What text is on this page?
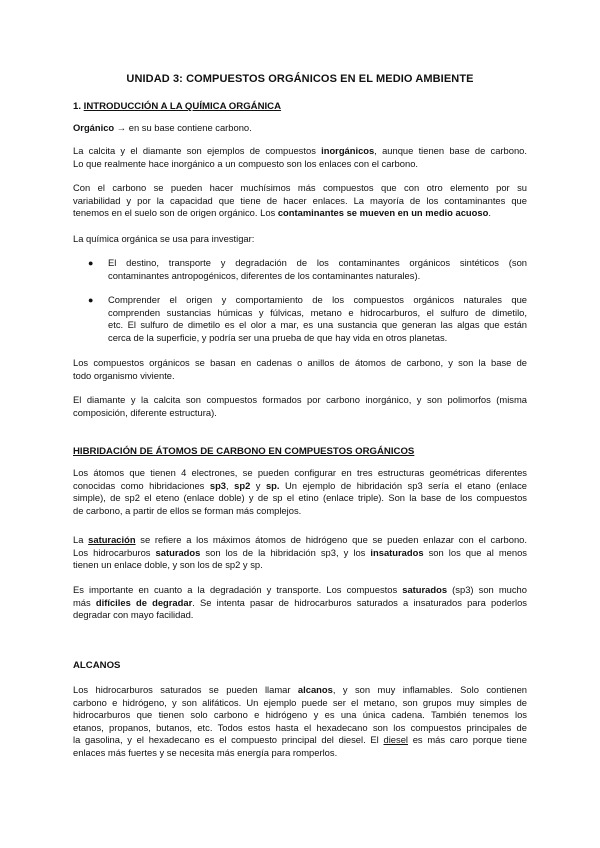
UNIDAD 3: COMPUESTOS ORGÁNICOS EN EL MEDIO AMBIENTE
1. INTRODUCCIÓN A LA QUÍMICA ORGÁNICA
Orgánico → en su base contiene carbono.
La calcita y el diamante son ejemplos de compuestos inorgánicos, aunque tienen base de carbono.
Lo que realmente hace inorgánico a un compuesto son los enlaces con el carbono.
Con el carbono se pueden hacer muchísimos más compuestos que con otro elemento por su
variabilidad y por la capacidad que tiene de hacer enlaces. La mayoría de los contaminantes que
tenemos en el suelo son de origen orgánico. Los contaminantes se mueven en un medio acuoso.
La química orgánica se usa para investigar:
●	El destino, transporte y degradación de los contaminantes orgánicos sintéticos (son
contaminantes antropogénicos, diferentes de los contaminantes naturales).
●	Comprender el origen y comportamiento de los compuestos orgánicos naturales que
comprenden sustancias húmicas y fúlvicas, metano e hidrocarburos, el sulfuro de dimetilo,
etc. El sulfuro de dimetilo es el olor a mar, es una sustancia que generan las algas que están
cerca de la superficie, y podría ser una prueba de que hay vida en otros planetas.
Los compuestos orgánicos se basan en cadenas o anillos de átomos de carbono, y son la base de
todo organismo viviente.
El diamante y la calcita son compuestos formados por carbono inorgánico, y son polimorfos (misma
composición, diferente estructura).
HIBRIDACIÓN DE ÁTOMOS DE CARBONO EN COMPUESTOS ORGÁNICOS
Los átomos que tienen 4 electrones, se pueden configurar en tres estructuras geométricas diferentes
conocidas como hibridaciones sp3, sp2 y sp. Un ejemplo de hibridación sp3 sería el etano (enlace
simple), de sp2 el eteno (enlace doble) y de sp el etino (enlace triple). Son la base de los compuestos
de carbono, a partir de ellos se forman más complejos.
La saturación se refiere a los máximos átomos de hidrógeno que se pueden enlazar con el carbono.
Los hidrocarburos saturados son los de la hibridación sp3, y los insaturados son los que al menos
tienen un enlace doble, y son los de sp2 y sp.
Es importante en cuanto a la degradación y transporte. Los compuestos saturados (sp3) son mucho
más difíciles de degradar. Se intenta pasar de hidrocarburos saturados a insaturados para poderlos
degradar con mayo facilidad.
ALCANOS
Los hidrocarburos saturados se pueden llamar alcanos, y son muy inflamables. Solo contienen
carbono e hidrógeno, y son alifáticos. Un ejemplo puede ser el metano, son grupos muy simples de
hidrocarburos que tienen solo carbono e hidrógeno y es una única cadena. También tenemos los
etanos, propanos, butanos, etc. Todos estos hasta el hexadecano son los compuestos principales de
la gasolina, y el hexadecano es el compuesto principal del diesel. El diesel es más caro porque tiene
enlaces más fuertes y se necesita más energía para romperlos.
